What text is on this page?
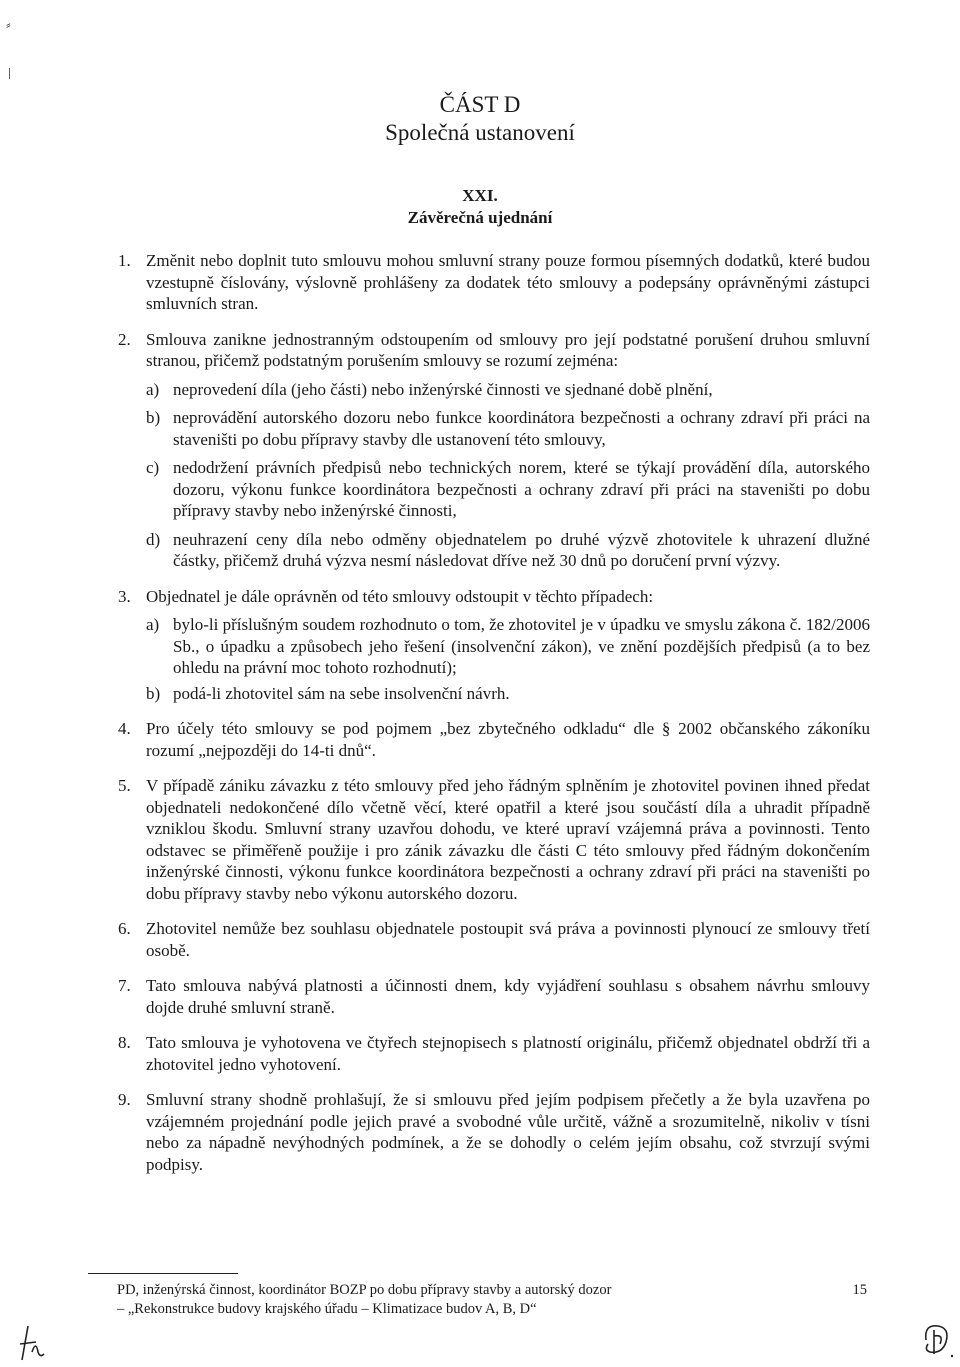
⸗
ǀ
ČÁST D
Společná ustanovení
XXI.
Závěrečná ujednání
1. Změnit nebo doplnit tuto smlouvu mohou smluvní strany pouze formou písemných dodatků, které budou vzestupně číslovány, výslovně prohlášeny za dodatek této smlouvy a podepsány oprávněnými zástupci smluvních stran.
2. Smlouva zanikne jednostranným odstoupením od smlouvy pro její podstatné porušení druhou smluvní stranou, přičemž podstatným porušením smlouvy se rozumí zejména:
a) neprovedení díla (jeho části) nebo inženýrské činnosti ve sjednané době plnění,
b) neprovádění autorského dozoru nebo funkce koordinátora bezpečnosti a ochrany zdraví při práci na staveništi po dobu přípravy stavby dle ustanovení této smlouvy,
c) nedodržení právních předpisů nebo technických norem, které se týkají provádění díla, autorského dozoru, výkonu funkce koordinátora bezpečnosti a ochrany zdraví při práci na staveništi po dobu přípravy stavby nebo inženýrské činnosti,
d) neuhrazení ceny díla nebo odměny objednatelem po druhé výzvě zhotovitele k uhrazení dlužné částky, přičemž druhá výzva nesmí následovat dříve než 30 dnů po doručení první výzvy.
3. Objednatel je dále oprávněn od této smlouvy odstoupit v těchto případech:
a) bylo-li příslušným soudem rozhodnuto o tom, že zhotovitel je v úpadku ve smyslu zákona č. 182/2006 Sb., o úpadku a způsobech jeho řešení (insolvenční zákon), ve znění pozdějších předpisů (a to bez ohledu na právní moc tohoto rozhodnutí);
b) podá-li zhotovitel sám na sebe insolvenční návrh.
4. Pro účely této smlouvy se pod pojmem „bez zbytečného odkladu“ dle § 2002 občanského zákoníku rozumí „nejpozději do 14-ti dnů“.
5. V případě zániku závazku z této smlouvy před jeho řádným splněním je zhotovitel povinen ihned předat objednateli nedokončené dílo včetně věcí, které opatřil a které jsou součástí díla a uhradit případně vzniklou škodu. Smluvní strany uzavřou dohodu, ve které upraví vzájemná práva a povinnosti. Tento odstavec se přiměřeně použije i pro zánik závazku dle části C této smlouvy před řádným dokončením inženýrské činnosti, výkonu funkce koordinátora bezpečnosti a ochrany zdraví při práci na staveništi po dobu přípravy stavby nebo výkonu autorského dozoru.
6. Zhotovitel nemůže bez souhlasu objednatele postoupit svá práva a povinnosti plynoucí ze smlouvy třetí osobě.
7. Tato smlouva nabývá platnosti a účinnosti dnem, kdy vyjádření souhlasu s obsahem návrhu smlouvy dojde druhé smluvní straně.
8. Tato smlouva je vyhotovena ve čtyřech stejnopisech s platností originálu, přičemž objednatel obdrží tři a zhotovitel jedno vyhotovení.
9. Smluvní strany shodně prohlašují, že si smlouvu před jejím podpisem přečetly a že byla uzavřena po vzájemném projednání podle jejich pravé a svobodné vůle určitě, vážně a srozumitelně, nikoliv v tísni nebo za nápadně nevýhodných podmínek, a že se dohodly o celém jejím obsahu, což stvrzují svými podpisy.
PD, inženýrská činnost, koordinátor BOZP po dobu přípravy stavby a autorský dozor
– „Rekonstrukce budovy krajského úřadu – Klimatizace budov A, B, D“
15
